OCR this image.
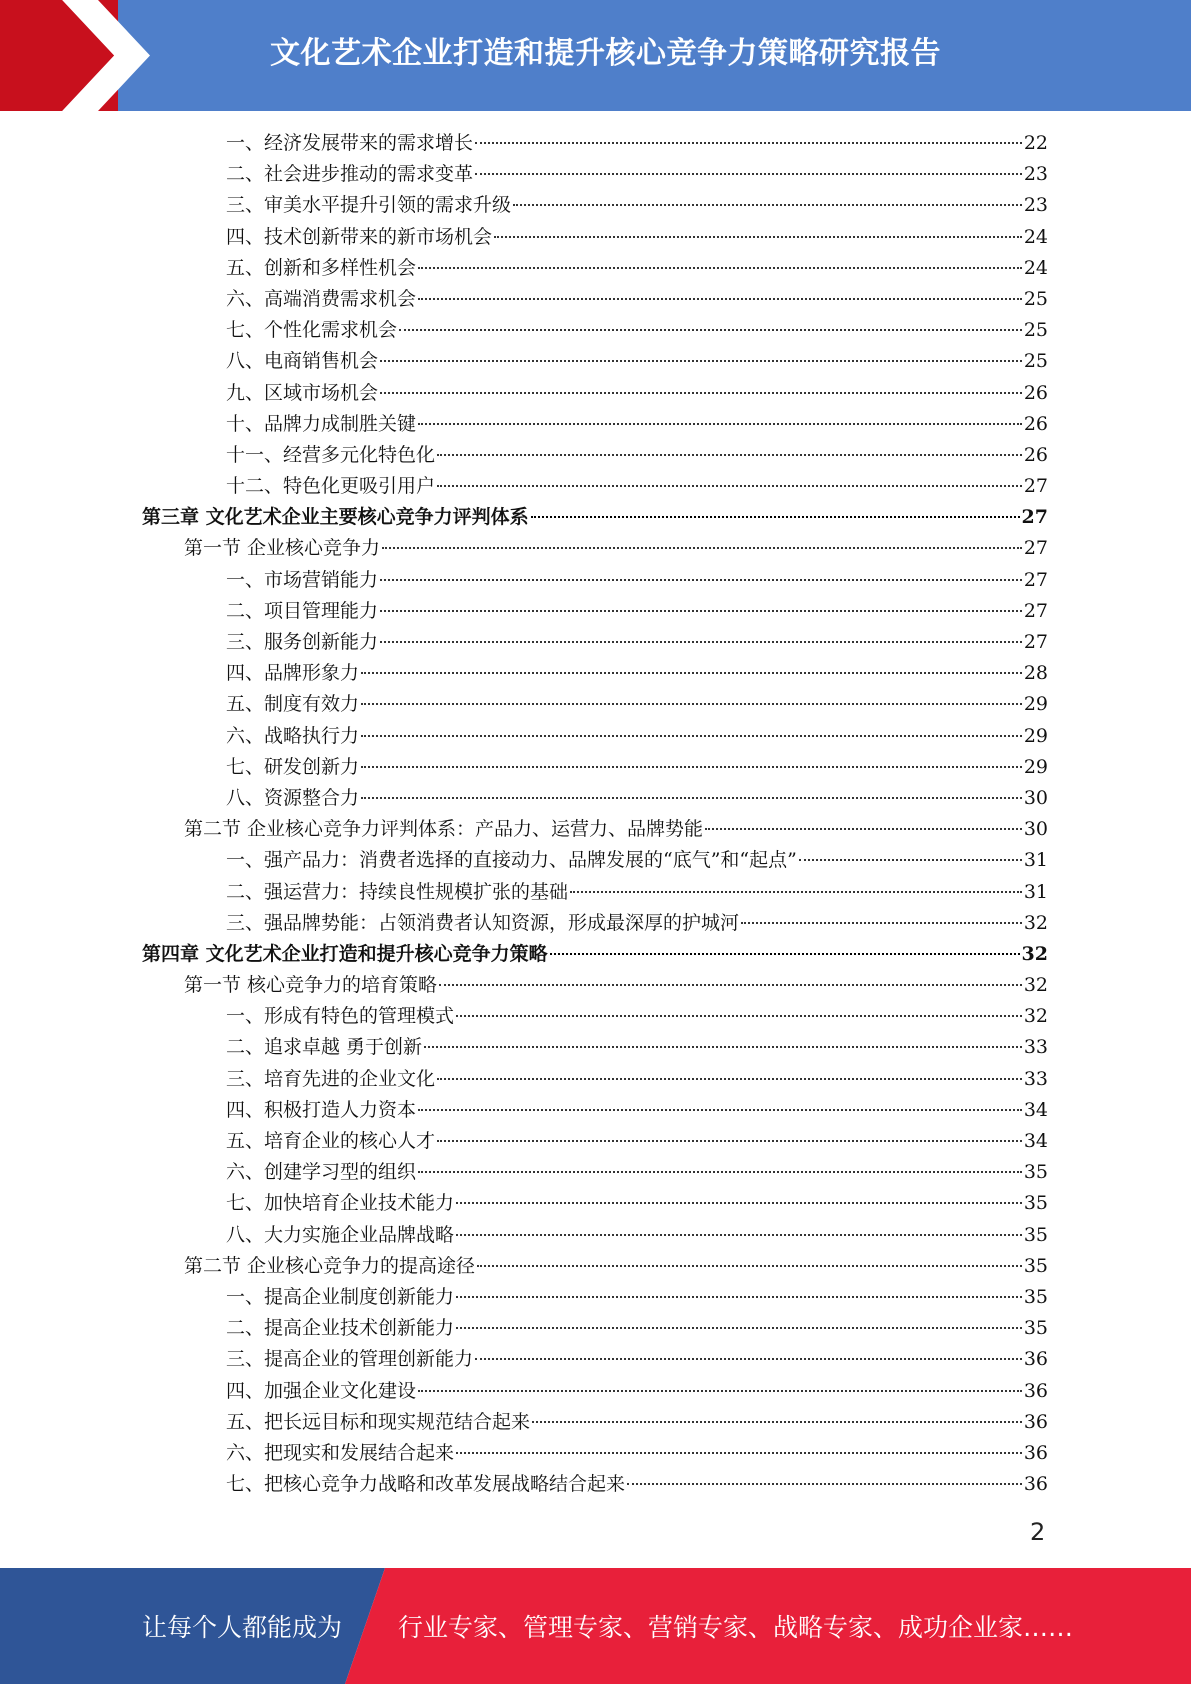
文化艺术企业打造和提升核心竞争力策略研究报告
一、经济发展带来的需求增长	22
二、社会进步推动的需求变革	23
三、审美水平提升引领的需求升级	23
四、技术创新带来的新市场机会	24
五、创新和多样性机会	24
六、高端消费需求机会	25
七、个性化需求机会	25
八、电商销售机会	25
九、区域市场机会	26
十、品牌力成制胜关键	26
十一、经营多元化特色化	26
十二、特色化更吸引用户	27
第三章 文化艺术企业主要核心竞争力评判体系	27
第一节 企业核心竞争力	27
一、市场营销能力	27
二、项目管理能力	27
三、服务创新能力	27
四、品牌形象力	28
五、制度有效力	29
六、战略执行力	29
七、研发创新力	29
八、资源整合力	30
第二节 企业核心竞争力评判体系：产品力、运营力、品牌势能	30
一、强产品力：消费者选择的直接动力、品牌发展的“底气”和“起点”	31
二、强运营力：持续良性规模扩张的基础	31
三、强品牌势能：占领消费者认知资源，形成最深厚的护城河	32
第四章 文化艺术企业打造和提升核心竞争力策略	32
第一节 核心竞争力的培育策略	32
一、形成有特色的管理模式	32
二、追求卓越 勇于创新	33
三、培育先进的企业文化	33
四、积极打造人力资本	34
五、培育企业的核心人才	34
六、创建学习型的组织	35
七、加快培育企业技术能力	35
八、大力实施企业品牌战略	35
第二节 企业核心竞争力的提高途径	35
一、提高企业制度创新能力	35
二、提高企业技术创新能力	35
三、提高企业的管理创新能力	36
四、加强企业文化建设	36
五、把长远目标和现实规范结合起来	36
六、把现实和发展结合起来	36
七、把核心竞争力战略和改革发展战略结合起来	36
2
让每个人都能成为 行业专家、管理专家、营销专家、战略专家、成功企业家……
